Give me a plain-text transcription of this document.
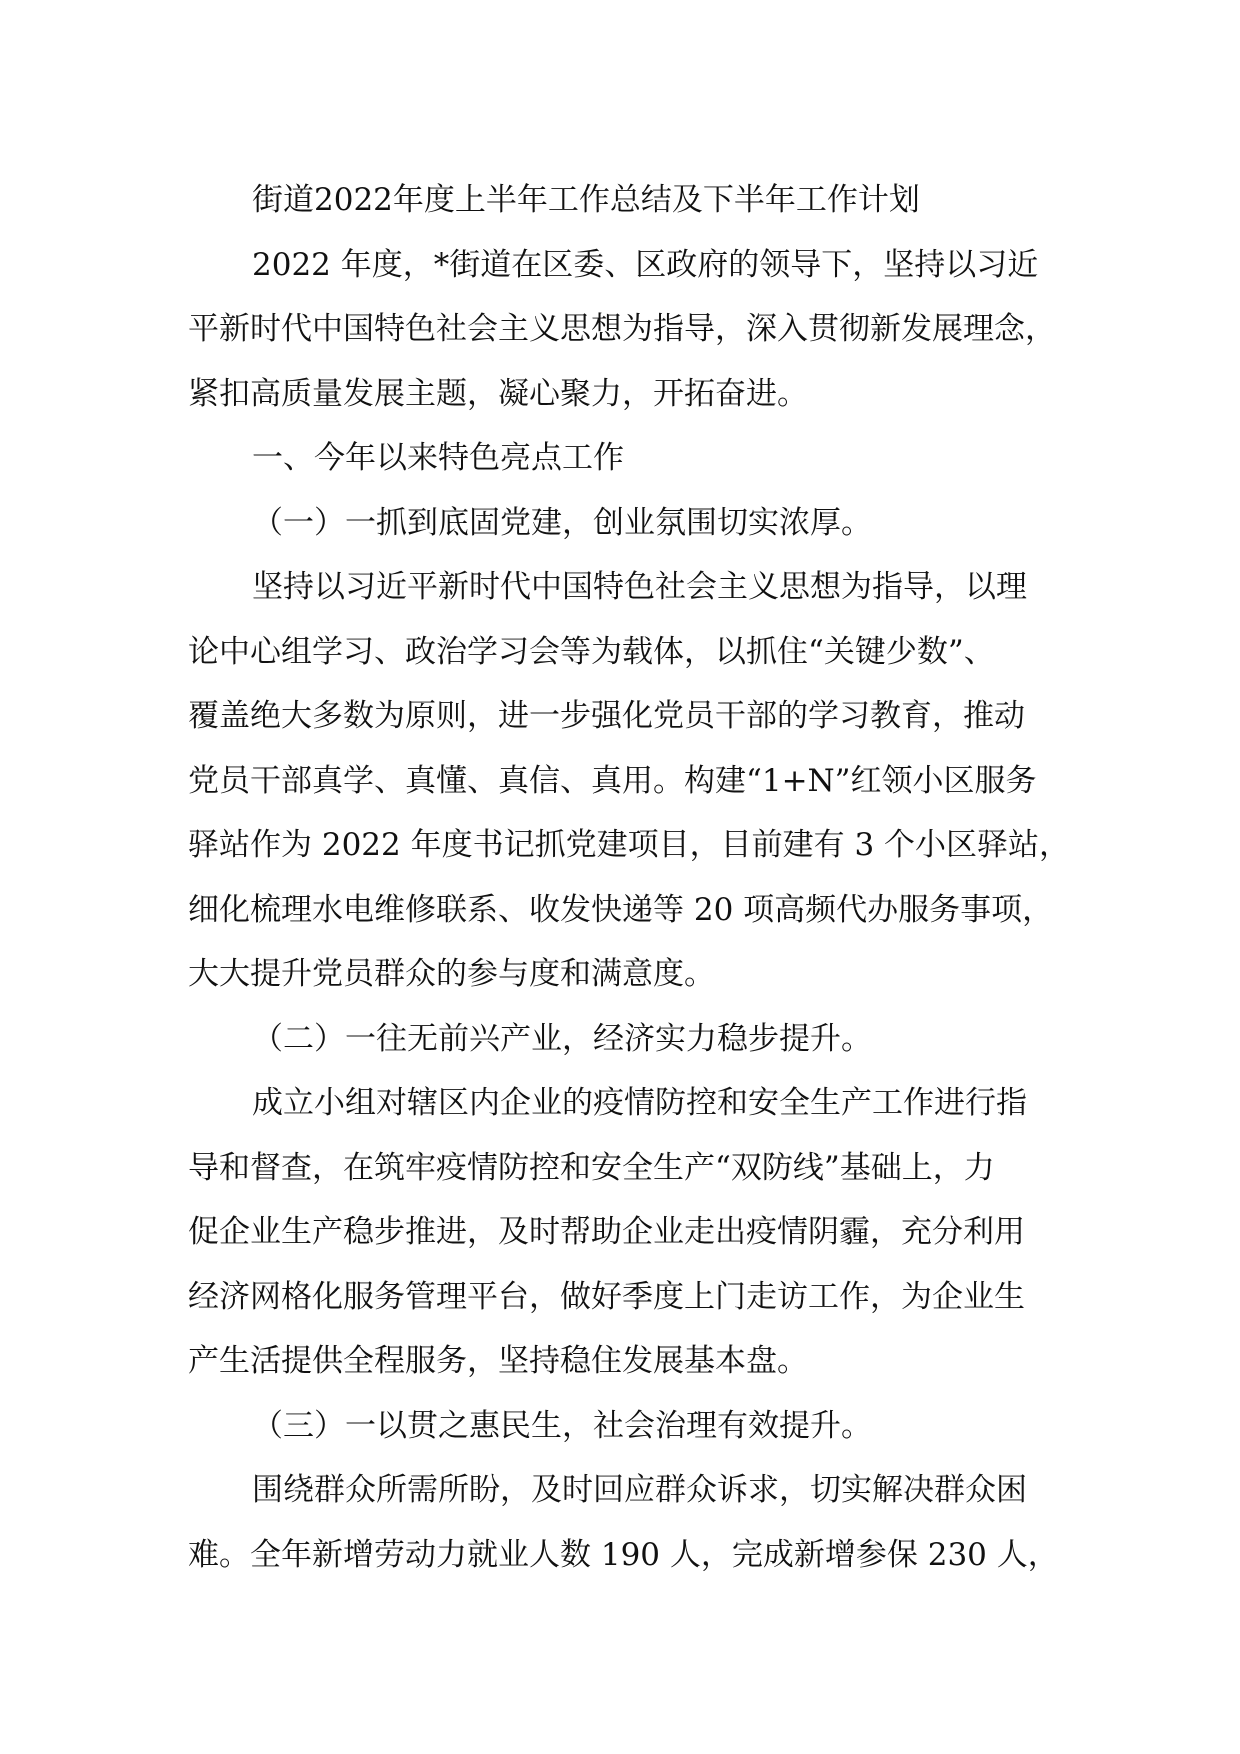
街道2022年度上半年工作总结及下半年工作计划
2022 年度，*街道在区委、区政府的领导下，坚持以习近
平新时代中国特色社会主义思想为指导，深入贯彻新发展理念，
紧扣高质量发展主题，凝心聚力，开拓奋进。
一、今年以来特色亮点工作
（一）一抓到底固党建，创业氛围切实浓厚。
坚持以习近平新时代中国特色社会主义思想为指导，以理
论中心组学习、政治学习会等为载体，以抓住“关键少数”、
覆盖绝大多数为原则，进一步强化党员干部的学习教育，推动
党员干部真学、真懂、真信、真用。构建“1+N”红领小区服务
驿站作为 2022 年度书记抓党建项目，目前建有 3 个小区驿站，
细化梳理水电维修联系、收发快递等 20 项高频代办服务事项，
大大提升党员群众的参与度和满意度。
（二）一往无前兴产业，经济实力稳步提升。
成立小组对辖区内企业的疫情防控和安全生产工作进行指
导和督查，在筑牢疫情防控和安全生产“双防线”基础上，力
促企业生产稳步推进，及时帮助企业走出疫情阴霾，充分利用
经济网格化服务管理平台，做好季度上门走访工作，为企业生
产生活提供全程服务，坚持稳住发展基本盘。
（三）一以贯之惠民生，社会治理有效提升。
围绕群众所需所盼，及时回应群众诉求，切实解决群众困
难。全年新增劳动力就业人数 190 人，完成新增参保 230 人，
